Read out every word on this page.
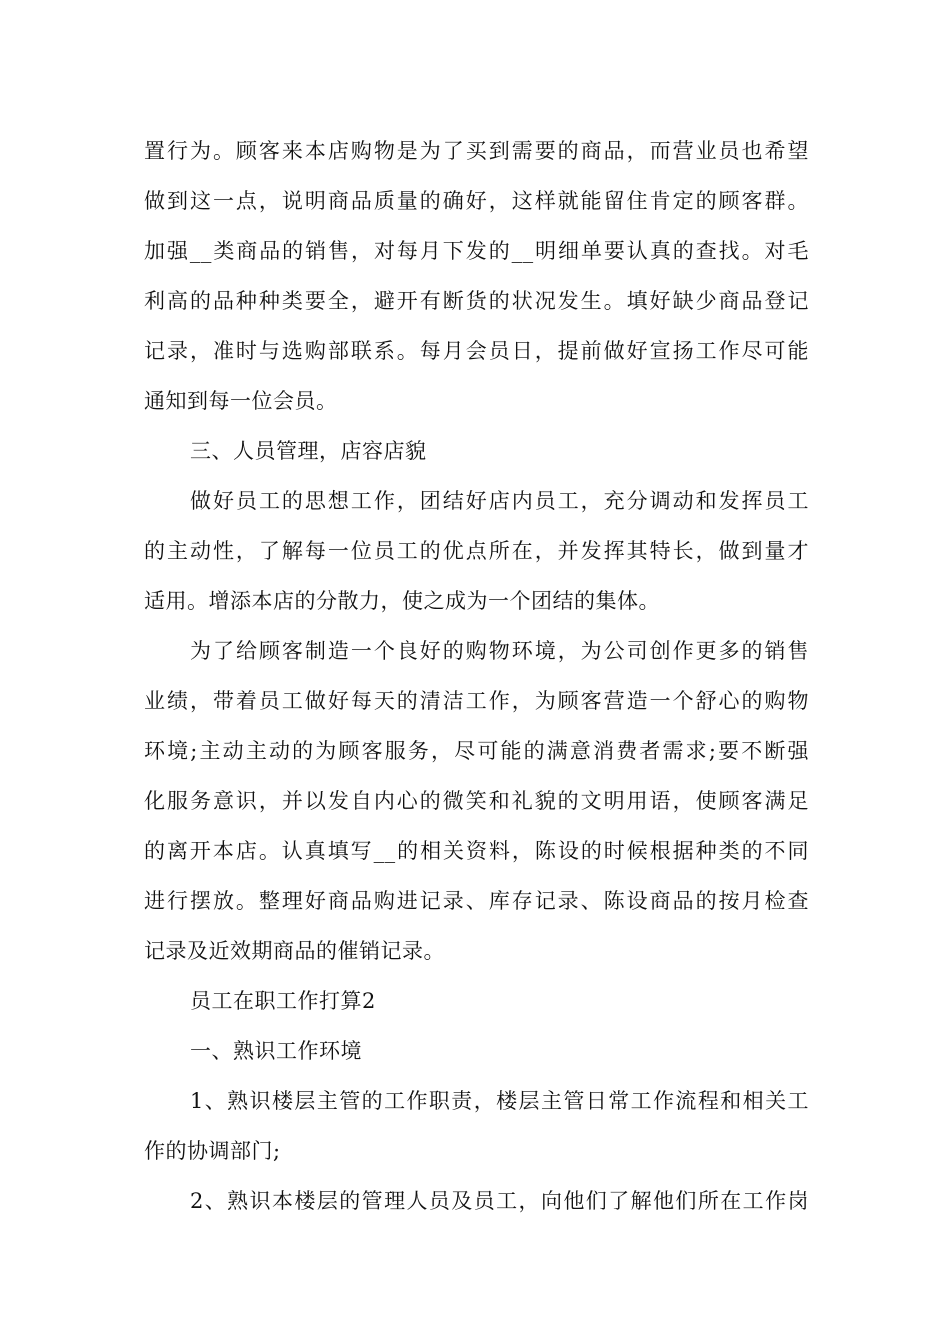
置行为。顾客来本店购物是为了买到需要的商品，而营业员也希望
做到这一点，说明商品质量的确好，这样就能留住肯定的顾客群。
加强__类商品的销售，对每月下发的__明细单要认真的查找。对毛
利高的品种种类要全，避开有断货的状况发生。填好缺少商品登记
记录，准时与选购部联系。每月会员日，提前做好宣扬工作尽可能
通知到每一位会员。
三、人员管理，店容店貌
做好员工的思想工作，团结好店内员工，充分调动和发挥员工
的主动性，了解每一位员工的优点所在，并发挥其特长，做到量才
适用。增添本店的分散力，使之成为一个团结的集体。
为了给顾客制造一个良好的购物环境，为公司创作更多的销售
业绩，带着员工做好每天的清洁工作，为顾客营造一个舒心的购物
环境;主动主动的为顾客服务，尽可能的满意消费者需求;要不断强
化服务意识，并以发自内心的微笑和礼貌的文明用语，使顾客满足
的离开本店。认真填写__的相关资料，陈设的时候根据种类的不同
进行摆放。整理好商品购进记录、库存记录、陈设商品的按月检查
记录及近效期商品的催销记录。
员工在职工作打算2
一、熟识工作环境
1、熟识楼层主管的工作职责，楼层主管日常工作流程和相关工
作的协调部门;
2、熟识本楼层的管理人员及员工，向他们了解他们所在工作岗
